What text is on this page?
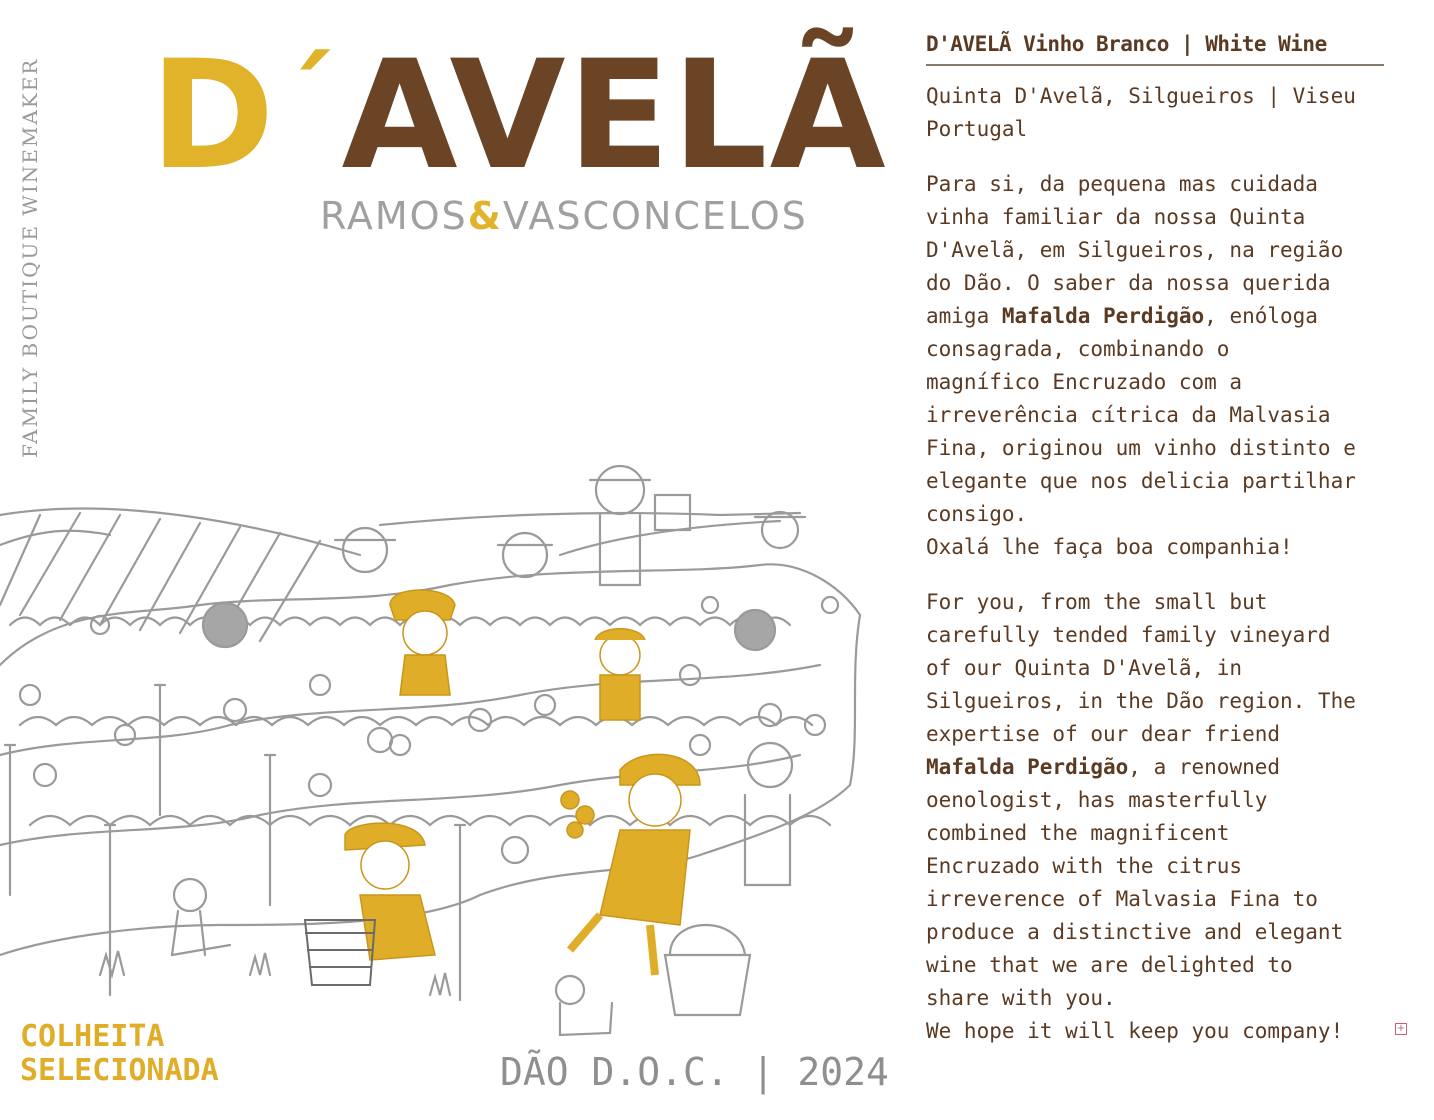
FAMILY BOUTIQUE WINEMAKER D´AVELÃ
RAMOS&VASCONCELOS
COLHEITA
SELECIONADA	DÃO D.O.C. | 2024
D'AVELÃ Vinho Branco | White Wine
Quinta D'Avelã, Silgueiros | Viseu
Portugal
Para si, da pequena mas cuidada
vinha familiar da nossa Quinta
D'Avelã, em Silgueiros, na região
do Dão. O saber da nossa querida
amiga Mafalda Perdigão, enóloga
consagrada, combinando o
magnífico Encruzado com a
irreverência cítrica da Malvasia
Fina, originou um vinho distinto e
elegante que nos delicia partilhar
consigo.
Oxalá lhe faça boa companhia!
For you, from the small but
carefully tended family vineyard
of our Quinta D'Avelã, in
Silgueiros, in the Dão region. The
expertise of our dear friend
Mafalda Perdigão, a renowned
oenologist, has masterfully
combined the magnificent
Encruzado with the citrus
irreverence of Malvasia Fina to
produce a distinctive and elegant
wine that we are delighted to
share with you.
We hope it will keep you company!	+
